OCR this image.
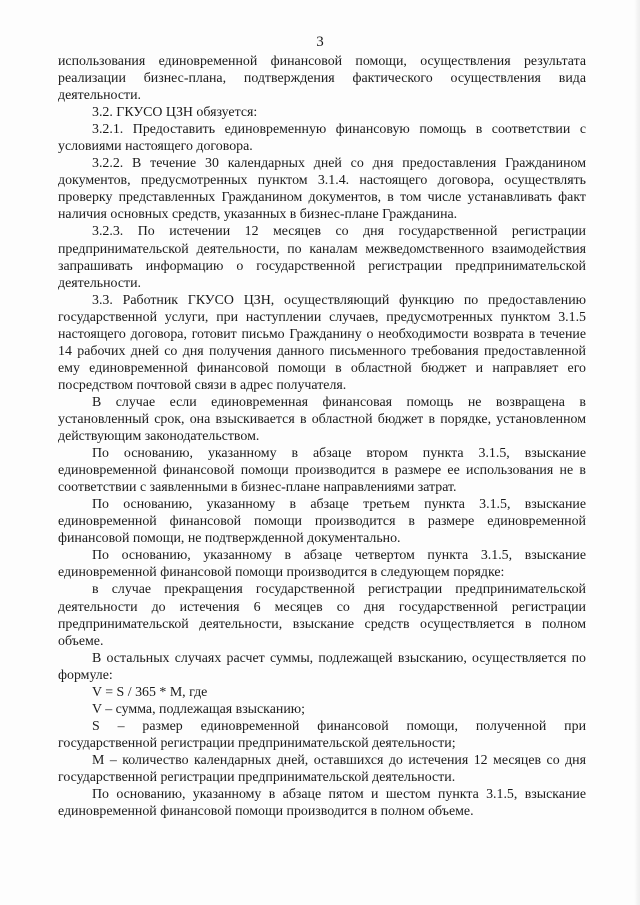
3

использования единовременной финансовой помощи, осуществления результата реализации бизнес-плана, подтверждения фактического осуществления вида деятельности.

3.2. ГКУСО ЦЗН обязуется:

3.2.1. Предоставить единовременную финансовую помощь в соответствии с условиями настоящего договора.

3.2.2. В течение 30 календарных дней со дня предоставления Гражданином документов, предусмотренных пунктом 3.1.4. настоящего договора, осуществлять проверку представленных Гражданином документов, в том числе устанавливать факт наличия основных средств, указанных в бизнес-плане Гражданина.

3.2.3. По истечении 12 месяцев со дня государственной регистрации предпринимательской деятельности, по каналам межведомственного взаимодействия запрашивать информацию о государственной регистрации предпринимательской деятельности.

3.3. Работник ГКУСО ЦЗН, осуществляющий функцию по предоставлению государственной услуги, при наступлении случаев, предусмотренных пунктом 3.1.5 настоящего договора, готовит письмо Гражданину о необходимости возврата в течение 14 рабочих дней со дня получения данного письменного требования предоставленной ему единовременной финансовой помощи в областной бюджет и направляет его посредством почтовой связи в адрес получателя.

В случае если единовременная финансовая помощь не возвращена в установленный срок, она взыскивается в областной бюджет в порядке, установленном действующим законодательством.

По основанию, указанному в абзаце втором пункта 3.1.5, взыскание единовременной финансовой помощи производится в размере ее использования не в соответствии с заявленными в бизнес-плане направлениями затрат.

По основанию, указанному в абзаце третьем пункта 3.1.5, взыскание единовременной финансовой помощи производится в размере единовременной финансовой помощи, не подтвержденной документально.

По основанию, указанному в абзаце четвертом пункта 3.1.5, взыскание единовременной финансовой помощи производится в следующем порядке:

в случае прекращения государственной регистрации предпринимательской деятельности до истечения 6 месяцев со дня государственной регистрации предпринимательской деятельности, взыскание средств осуществляется в полном объеме.

В остальных случаях расчет суммы, подлежащей взысканию, осуществляется по формуле:

V = S / 365 * M, где

V – сумма, подлежащая взысканию;

S – размер единовременной финансовой помощи, полученной при государственной регистрации предпринимательской деятельности;

M – количество календарных дней, оставшихся до истечения 12 месяцев со дня государственной регистрации предпринимательской деятельности.

По основанию, указанному в абзаце пятом и шестом пункта 3.1.5, взыскание единовременной финансовой помощи производится в полном объеме.
